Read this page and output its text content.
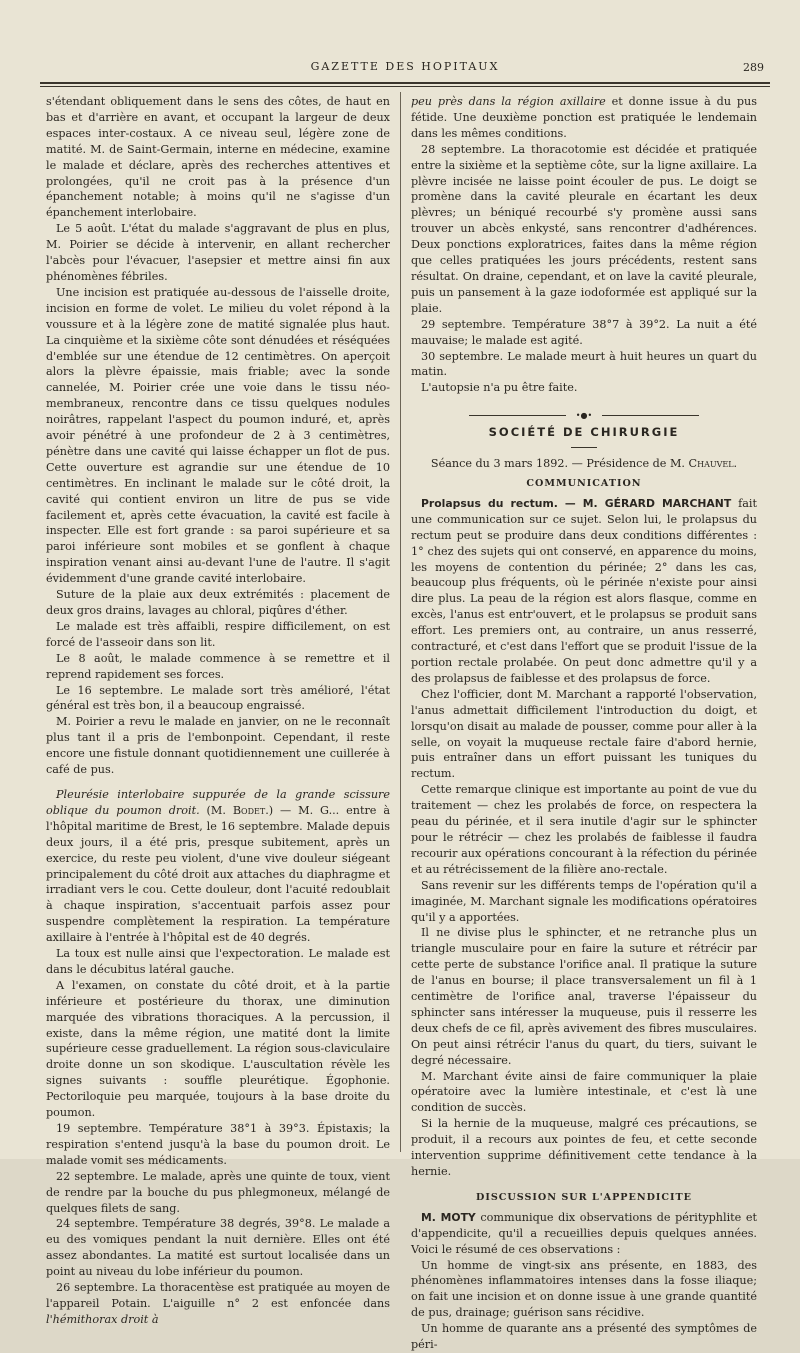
GAZETTE DES HOPITAUX	289

s'étendant obliquement dans le sens des côtes, de haut en bas et d'arrière en avant, et occupant la largeur de deux espaces inter-costaux. A ce niveau seul, légère zone de matité. M. de Saint-Germain, interne en médecine, examine le malade et déclare, après des recherches attentives et prolongées, qu'il ne croit pas à la présence d'un épanchement notable; à moins qu'il ne s'agisse d'un épanchement interlobaire.

Le 5 août. L'état du malade s'aggravant de plus en plus, M. Poirier se décide à intervenir, en allant rechercher l'abcès pour l'évacuer, l'asepsier et mettre ainsi fin aux phénomènes fébriles.

Une incision est pratiquée au-dessous de l'aisselle droite, incision en forme de volet. Le milieu du volet répond à la voussure et à la légère zone de matité signalée plus haut. La cinquième et la sixième côte sont dénudées et réséquées d'emblée sur une étendue de 12 centimètres. On aperçoit alors la plèvre épaissie, mais friable; avec la sonde cannelée, M. Poirier crée une voie dans le tissu néo-membraneux, rencontre dans ce tissu quelques nodules noirâtres, rappelant l'aspect du poumon induré, et, après avoir pénétré à une profondeur de 2 à 3 centimètres, pénètre dans une cavité qui laisse échapper un flot de pus. Cette ouverture est agrandie sur une étendue de 10 centimètres. En inclinant le malade sur le côté droit, la cavité qui contient environ un litre de pus se vide facilement et, après cette évacuation, la cavité est facile à inspecter. Elle est fort grande : sa paroi supérieure et sa paroi inférieure sont mobiles et se gonflent à chaque inspiration venant ainsi au-devant l'une de l'autre. Il s'agit évidemment d'une grande cavité interlobaire.

Suture de la plaie aux deux extrémités : placement de deux gros drains, lavages au chloral, piqûres d'éther.

Le malade est très affaibli, respire difficilement, on est forcé de l'asseoir dans son lit.

Le 8 août, le malade commence à se remettre et il reprend rapidement ses forces.

Le 16 septembre. Le malade sort très amélioré, l'état général est très bon, il a beaucoup engraissé.

M. Poirier a revu le malade en janvier, on ne le reconnaît plus tant il a pris de l'embonpoint. Cependant, il reste encore une fistule donnant quotidiennement une cuillerée à café de pus.

Pleurésie interlobaire suppurée de la grande scissure oblique du poumon droit. (M. Bodet.) — M. G... entre à l'hôpital maritime de Brest, le 16 septembre. Malade depuis deux jours, il a été pris, presque subitement, après un exercice, du reste peu violent, d'une vive douleur siégeant principalement du côté droit aux attaches du diaphragme et irradiant vers le cou. Cette douleur, dont l'acuité redoublait à chaque inspiration, s'accentuait parfois assez pour suspendre complètement la respiration. La température axillaire à l'entrée à l'hôpital est de 40 degrés.

La toux est nulle ainsi que l'expectoration. Le malade est dans le décubitus latéral gauche.

A l'examen, on constate du côté droit, et à la partie inférieure et postérieure du thorax, une diminution marquée des vibrations thoraciques. A la percussion, il existe, dans la même région, une matité dont la limite supérieure cesse graduellement. La région sous-claviculaire droite donne un son skodique. L'auscultation révèle les signes suivants : souffle pleurétique. Égophonie. Pectoriloquie peu marquée, toujours à la base droite du poumon.

19 septembre. Température 38°1 à 39°3. Épistaxis; la respiration s'entend jusqu'à la base du poumon droit. Le malade vomit ses médicaments.

22 septembre. Le malade, après une quinte de toux, vient de rendre par la bouche du pus phlegmoneux, mélangé de quelques filets de sang.

24 septembre. Température 38 degrés, 39°8. Le malade a eu des vomiques pendant la nuit dernière. Elles ont été assez abondantes. La matité est surtout localisée dans un point au niveau du lobe inférieur du poumon.

26 septembre. La thoracentèse est pratiquée au moyen de l'appareil Potain. L'aiguille n° 2 est enfoncée dans l'hémithorax droit à

peu près dans la région axillaire et donne issue à du pus fétide. Une deuxième ponction est pratiquée le lendemain dans les mêmes conditions.

28 septembre. La thoracotomie est décidée et pratiquée entre la sixième et la septième côte, sur la ligne axillaire. La plèvre incisée ne laisse point écouler de pus. Le doigt se promène dans la cavité pleurale en écartant les deux plèvres; un béniqué recourbé s'y promène aussi sans trouver un abcès enkysté, sans rencontrer d'adhérences. Deux ponctions exploratrices, faites dans la même région que celles pratiquées les jours précédents, restent sans résultat. On draine, cependant, et on lave la cavité pleurale, puis un pansement à la gaze iodoformée est appliqué sur la plaie.

29 septembre. Température 38°7 à 39°2. La nuit a été mauvaise; le malade est agité.

30 septembre. Le malade meurt à huit heures un quart du matin.

L'autopsie n'a pu être faite.

•●•

SOCIÉTÉ DE CHIRURGIE

Séance du 3 mars 1892. — Présidence de M. Chauvel.

COMMUNICATION

Prolapsus du rectum. — M. GÉRARD MARCHANT fait une communication sur ce sujet. Selon lui, le prolapsus du rectum peut se produire dans deux conditions différentes : 1° chez des sujets qui ont conservé, en apparence du moins, les moyens de contention du périnée; 2° dans les cas, beaucoup plus fréquents, où le périnée n'existe pour ainsi dire plus. La peau de la région est alors flasque, comme en excès, l'anus est entr'ouvert, et le prolapsus se produit sans effort. Les premiers ont, au contraire, un anus resserré, contracturé, et c'est dans l'effort que se produit l'issue de la portion rectale prolabée. On peut donc admettre qu'il y a des prolapsus de faiblesse et des prolapsus de force.

Chez l'officier, dont M. Marchant a rapporté l'observation, l'anus admettait difficilement l'introduction du doigt, et lorsqu'on disait au malade de pousser, comme pour aller à la selle, on voyait la muqueuse rectale faire d'abord hernie, puis entraîner dans un effort puissant les tuniques du rectum.

Cette remarque clinique est importante au point de vue du traitement — chez les prolabés de force, on respectera la peau du périnée, et il sera inutile d'agir sur le sphincter pour le rétrécir — chez les prolabés de faiblesse il faudra recourir aux opérations concourant à la réfection du périnée et au rétrécissement de la filière ano-rectale.

Sans revenir sur les différents temps de l'opération qu'il a imaginée, M. Marchant signale les modifications opératoires qu'il y a apportées.

Il ne divise plus le sphincter, et ne retranche plus un triangle musculaire pour en faire la suture et rétrécir par cette perte de substance l'orifice anal. Il pratique la suture de l'anus en bourse; il place transversalement un fil à 1 centimètre de l'orifice anal, traverse l'épaisseur du sphincter sans intéresser la muqueuse, puis il resserre les deux chefs de ce fil, après avivement des fibres musculaires. On peut ainsi rétrécir l'anus du quart, du tiers, suivant le degré nécessaire.

M. Marchant évite ainsi de faire communiquer la plaie opératoire avec la lumière intestinale, et c'est là une condition de succès.

Si la hernie de la muqueuse, malgré ces précautions, se produit, il a recours aux pointes de feu, et cette seconde intervention supprime définitivement cette tendance à la hernie.

DISCUSSION SUR L'APPENDICITE

M. MOTY communique dix observations de pérityphlite et d'appendicite, qu'il a recueillies depuis quelques années. Voici le résumé de ces observations :

Un homme de vingt-six ans présente, en 1883, des phénomènes inflammatoires intenses dans la fosse iliaque; on fait une incision et on donne issue à une grande quantité de pus, drainage; guérison sans récidive.

Un homme de quarante ans a présenté des symptômes de péri-
